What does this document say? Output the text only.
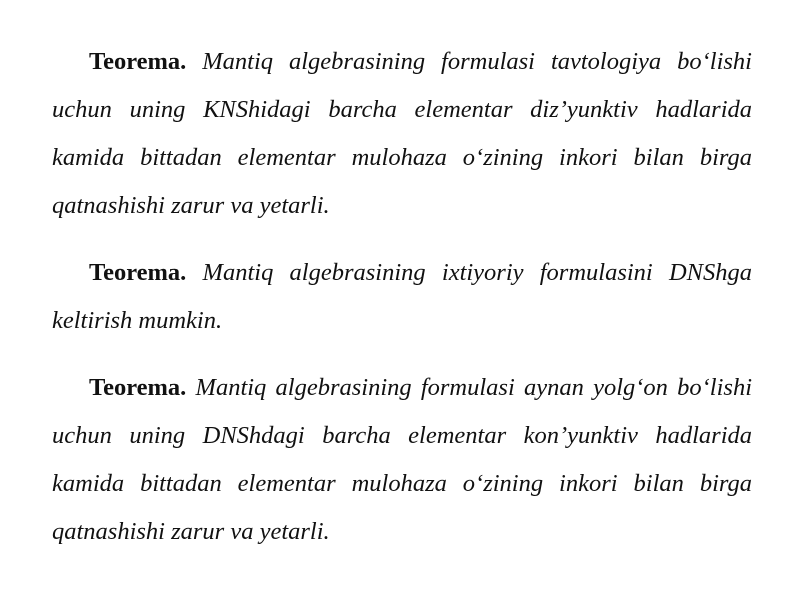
Teorema. Mantiq algebrasining formulasi tavtologiya bo‘lishi uchun uning KNShidagi barcha elementar diz’yunktiv hadlarida kamida bittadan elementar mulohaza o‘zining inkori bilan birga qatnashishi zarur va yetarli.

Teorema. Mantiq algebrasining ixtiyoriy formulasini DNShga keltirish mumkin.

Teorema. Mantiq algebrasining formulasi aynan yolg‘on bo‘lishi uchun uning DNShdagi barcha elementar kon’yunktiv hadlarida kamida bittadan elementar mulohaza o‘zining inkori bilan birga qatnashishi zarur va yetarli.
